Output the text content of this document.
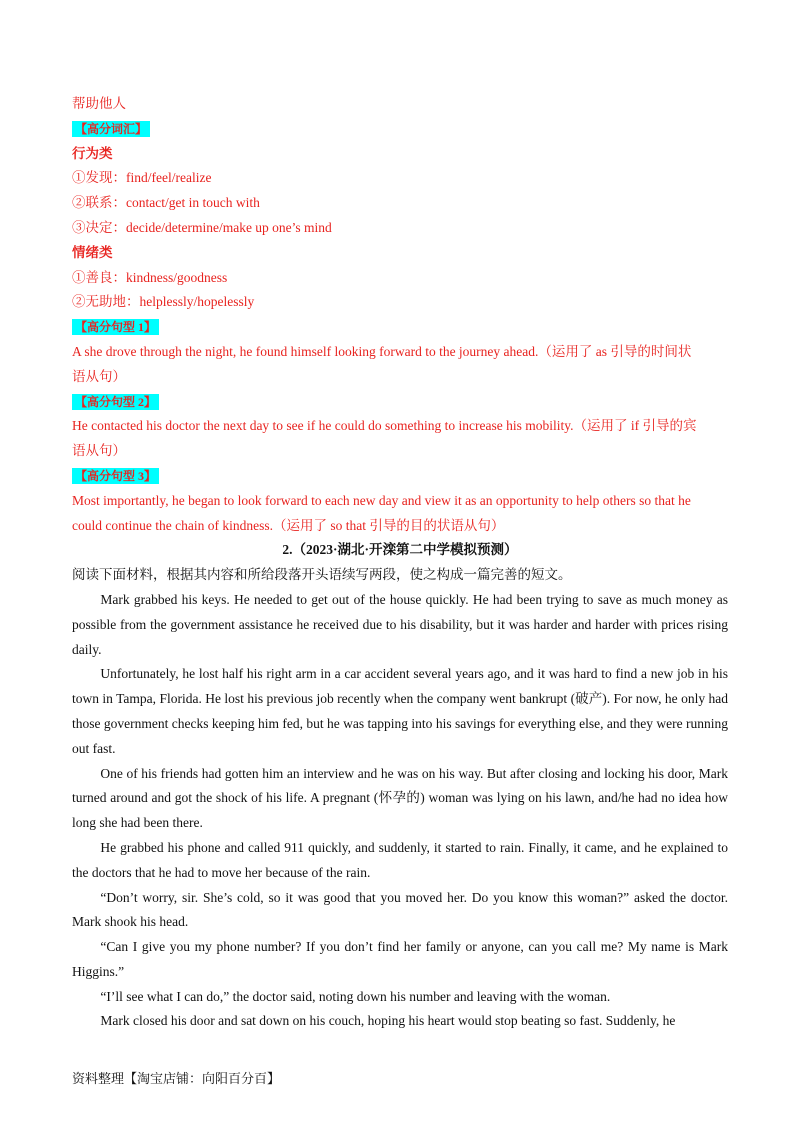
帮助他人

【高分词汇】

行为类

①发现：find/feel/realize

②联系：contact/get in touch with

③决定：decide/determine/make up one’s mind

情绪类

①善良：kindness/goodness

②无助地：helplessly/hopelessly

【高分句型 1】

A she drove through the night, he found himself looking forward to the journey ahead.（运用了 as 引导的时间状

语从句）

【高分句型 2】

He contacted his doctor the next day to see if he could do something to increase his mobility.（运用了 if 引导的宾

语从句）

【高分句型 3】

Most importantly, he began to look forward to each new day and view it as an opportunity to help others so that he

could continue the chain of kindness.（运用了 so that 引导的目的状语从句）

2.（2023·湖北·开滦第二中学模拟预测）

阅读下面材料，根据其内容和所给段落开头语续写两段，使之构成一篇完善的短文。

Mark grabbed his keys. He needed to get out of the house quickly. He had been trying to save as much money as possible from the government assistance he received due to his disability, but it was harder and harder with prices rising daily.

Unfortunately, he lost half his right arm in a car accident several years ago, and it was hard to find a new job in his town in Tampa, Florida. He lost his previous job recently when the company went bankrupt (破产). For now, he only had those government checks keeping him fed, but he was tapping into his savings for everything else, and they were running out fast.

One of his friends had gotten him an interview and he was on his way. But after closing and locking his door, Mark turned around and got the shock of his life. A pregnant (怀孕的) woman was lying on his lawn, and/he had no idea how long she had been there.

He grabbed his phone and called 911 quickly, and suddenly, it started to rain. Finally, it came, and he explained to the doctors that he had to move her because of the rain.

“Don’t worry, sir. She’s cold, so it was good that you moved her. Do you know this woman?” asked the doctor. Mark shook his head.

“Can I give you my phone number? If you don’t find her family or anyone, can you call me? My name is Mark Higgins.”

“I’ll see what I can do,” the doctor said, noting down his number and leaving with the woman.

Mark closed his door and sat down on his couch, hoping his heart would stop beating so fast. Suddenly, he

资料整理【淘宝店铺：向阳百分百】
